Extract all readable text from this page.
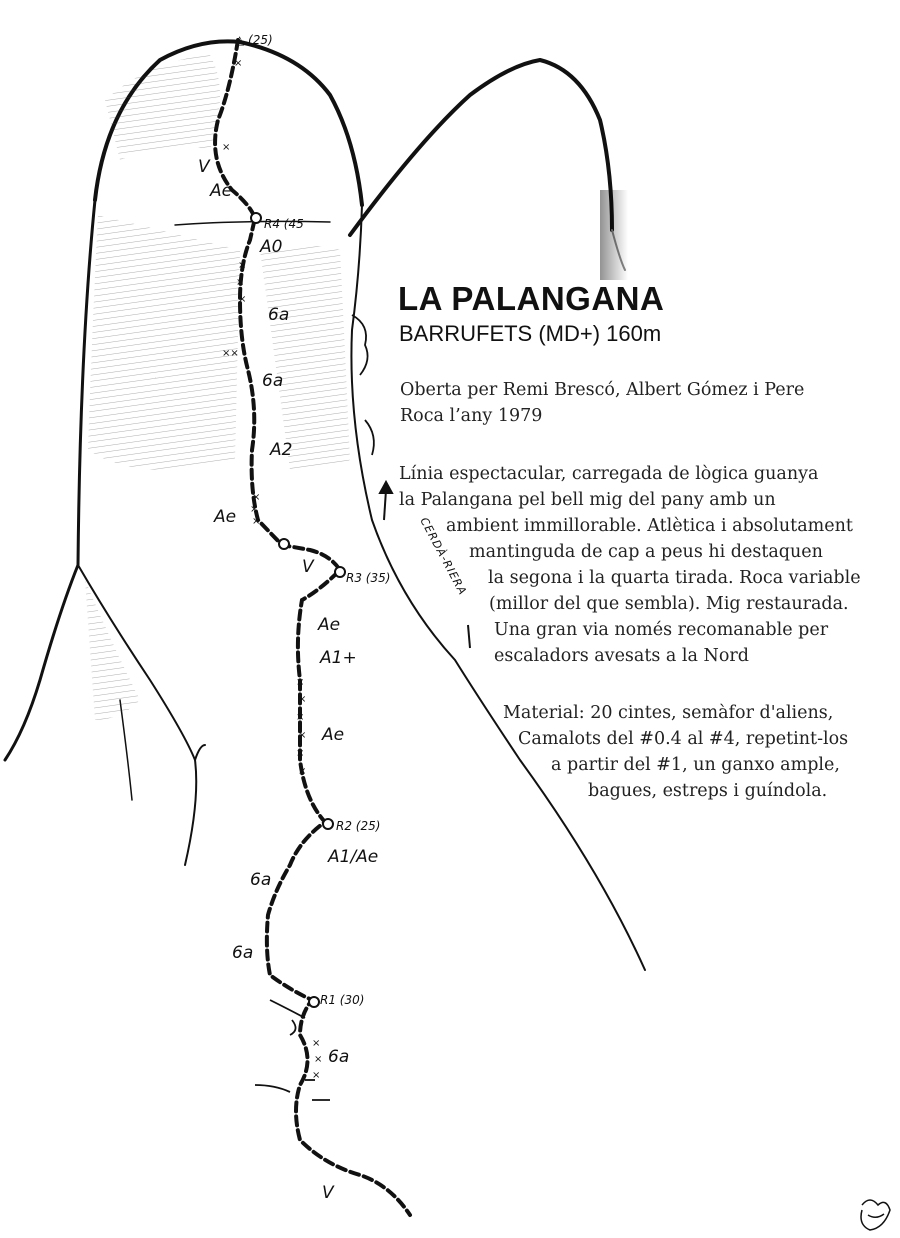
×
×
×
×
×
××
×
×
×
×
×
×
×
×
×
×
×
×
CERDÀ-RIERA
△ (25)
R4 (45
R3 (35)
R2 (25)
R1 (30)
V
Ae
A0
6a
6a
A2
Ae
V
Ae
A1+
Ae
A1/Ae
6a
6a
6a
V
LA PALANGANA
BARRUFETS (MD+) 160m
Oberta per Remi Brescó, Albert Gómez i Pere
Roca l’any 1979
Línia espectacular, carregada de lògica guanya
la Palangana pel bell mig del pany amb un
ambient immillorable. Atlètica i absolutament
mantinguda de cap a peus hi destaquen
la segona i la quarta tirada. Roca variable
(millor del que sembla). Mig restaurada.
Una gran via només recomanable per
escaladors avesats a la Nord
Material: 20 cintes, semàfor d'aliens,
Camalots del #0.4 al #4, repetint-los
a partir del #1, un ganxo ample,
bagues, estreps i guíndola.
